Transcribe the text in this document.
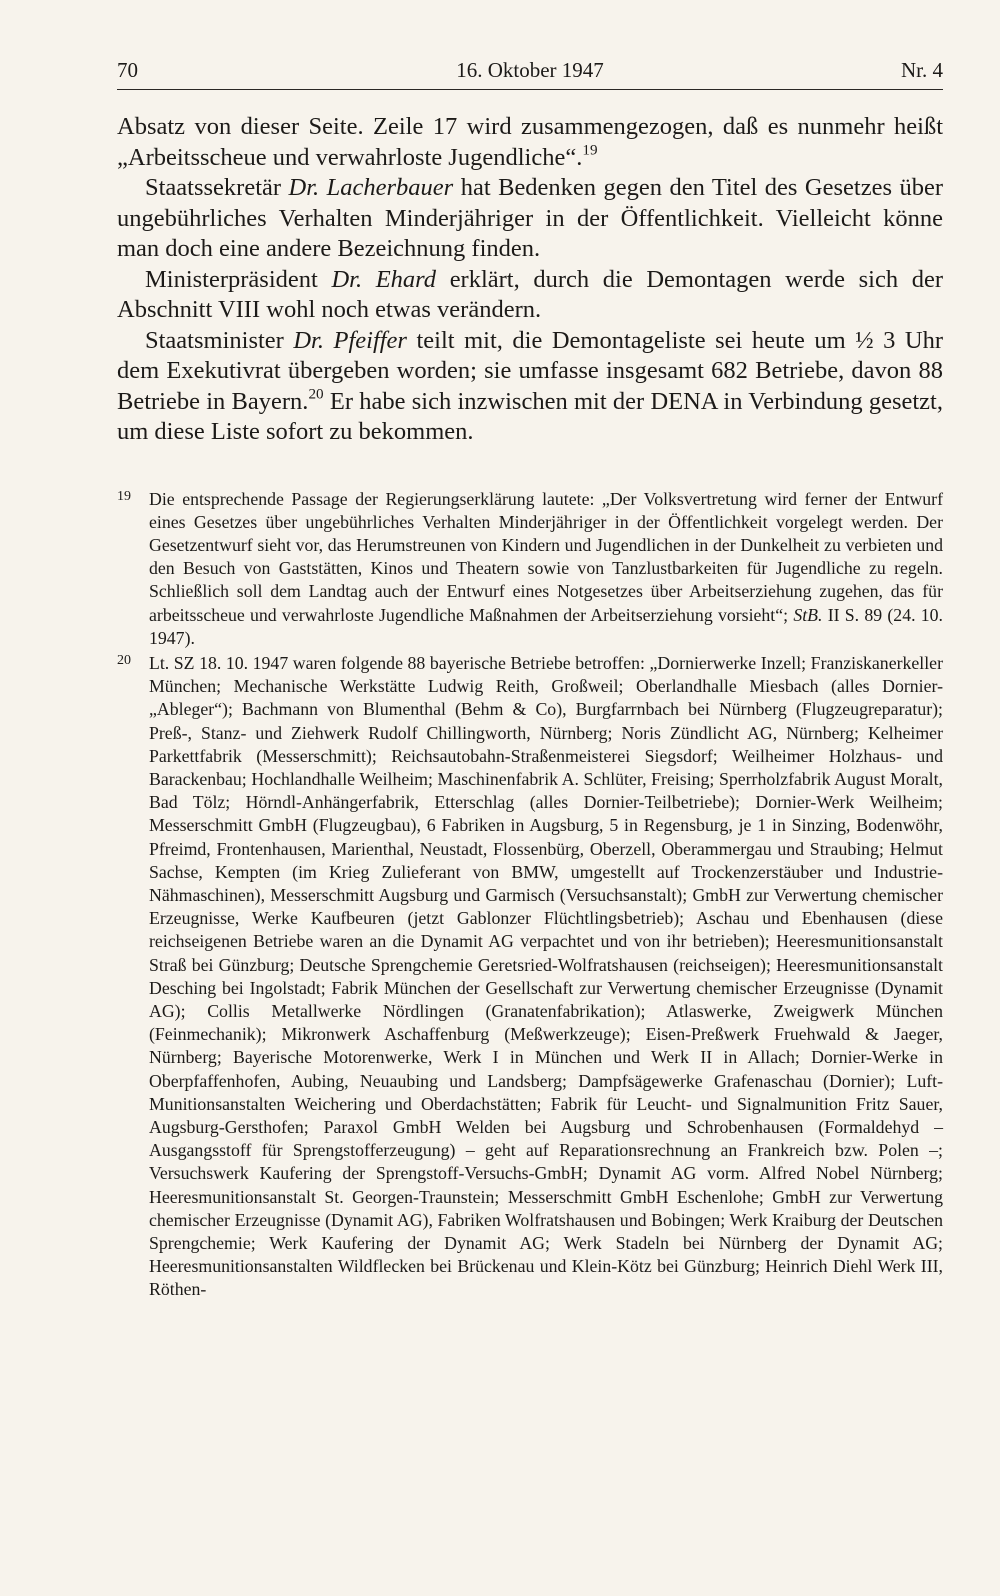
70	16. Oktober 1947	Nr. 4

Absatz von dieser Seite. Zeile 17 wird zusammengezogen, daß es nunmehr heißt „Arbeitsscheue und verwahrloste Jugendliche“.$^{19}$

Staatssekretär Dr. Lacherbauer hat Bedenken gegen den Titel des Gesetzes über ungebührliches Verhalten Minderjähriger in der Öffentlichkeit. Vielleicht könne man doch eine andere Bezeichnung finden.

Ministerpräsident Dr. Ehard erklärt, durch die Demontagen werde sich der Abschnitt VIII wohl noch etwas verändern.

Staatsminister Dr. Pfeiffer teilt mit, die Demontageliste sei heute um ½ 3 Uhr dem Exekutivrat übergeben worden; sie umfasse insgesamt 682 Betriebe, davon 88 Betriebe in Bayern.$^{20}$ Er habe sich inzwischen mit der DENA in Verbindung gesetzt, um diese Liste sofort zu bekommen.

19 Die entsprechende Passage der Regierungserklärung lautete: „Der Volksvertretung wird ferner der Entwurf eines Gesetzes über ungebührliches Verhalten Minderjähriger in der Öffentlichkeit vorgelegt werden. Der Gesetzentwurf sieht vor, das Herumstreunen von Kindern und Jugendlichen in der Dunkelheit zu verbieten und den Besuch von Gaststätten, Kinos und Theatern sowie von Tanzlustbarkeiten für Jugendliche zu regeln. Schließlich soll dem Landtag auch der Entwurf eines Notgesetzes über Arbeitserziehung zugehen, das für arbeitsscheue und verwahrloste Jugendliche Maßnahmen der Arbeitserziehung vorsieht“; StB. II S. 89 (24. 10. 1947).
20 Lt. SZ 18. 10. 1947 waren folgende 88 bayerische Betriebe betroffen: „Dornierwerke Inzell; Franziskanerkeller München; Mechanische Werkstätte Ludwig Reith, Großweil; Oberlandhalle Miesbach (alles Dornier-„Ableger“); Bachmann von Blumenthal (Behm & Co), Burgfarrnbach bei Nürnberg (Flugzeugreparatur); Preß-, Stanz- und Ziehwerk Rudolf Chillingworth, Nürnberg; Noris Zündlicht AG, Nürnberg; Kelheimer Parkettfabrik (Messerschmitt); Reichsautobahn-Straßenmeisterei Siegsdorf; Weilheimer Holzhaus- und Barackenbau; Hochlandhalle Weilheim; Maschinenfabrik A. Schlüter, Freising; Sperrholzfabrik August Moralt, Bad Tölz; Hörndl-Anhängerfabrik, Etterschlag (alles Dornier-Teilbetriebe); Dornier-Werk Weilheim; Messerschmitt GmbH (Flugzeugbau), 6 Fabriken in Augsburg, 5 in Regensburg, je 1 in Sinzing, Bodenwöhr, Pfreimd, Frontenhausen, Marienthal, Neustadt, Flossenbürg, Oberzell, Oberammergau und Straubing; Helmut Sachse, Kempten (im Krieg Zulieferant von BMW, umgestellt auf Trockenzerstäuber und Industrie-Nähmaschinen), Messerschmitt Augsburg und Garmisch (Versuchsanstalt); GmbH zur Verwertung chemischer Erzeugnisse, Werke Kaufbeuren (jetzt Gablonzer Flüchtlingsbetrieb); Aschau und Ebenhausen (diese reichseigenen Betriebe waren an die Dynamit AG verpachtet und von ihr betrieben); Heeresmunitionsanstalt Straß bei Günzburg; Deutsche Sprengchemie Geretsried-Wolfratshausen (reichseigen); Heeresmunitionsanstalt Desching bei Ingolstadt; Fabrik München der Gesellschaft zur Verwertung chemischer Erzeugnisse (Dynamit AG); Collis Metallwerke Nördlingen (Granatenfabrikation); Atlaswerke, Zweigwerk München (Feinmechanik); Mikronwerk Aschaffenburg (Meßwerkzeuge); Eisen-Preßwerk Fruehwald & Jaeger, Nürnberg; Bayerische Motorenwerke, Werk I in München und Werk II in Allach; Dornier-Werke in Oberpfaffenhofen, Aubing, Neuaubing und Landsberg; Dampfsägewerke Grafenaschau (Dornier); Luft-Munitionsanstalten Weichering und Oberdachstätten; Fabrik für Leucht- und Signalmunition Fritz Sauer, Augsburg-Gersthofen; Paraxol GmbH Welden bei Augsburg und Schrobenhausen (Formaldehyd – Ausgangsstoff für Sprengstofferzeugung) – geht auf Reparationsrechnung an Frankreich bzw. Polen –; Versuchswerk Kaufering der Sprengstoff-Versuchs-GmbH; Dynamit AG vorm. Alfred Nobel Nürnberg; Heeresmunitionsanstalt St. Georgen-Traunstein; Messerschmitt GmbH Eschenlohe; GmbH zur Verwertung chemischer Erzeugnisse (Dynamit AG), Fabriken Wolfratshausen und Bobingen; Werk Kraiburg der Deutschen Sprengchemie; Werk Kaufering der Dynamit AG; Werk Stadeln bei Nürnberg der Dynamit AG; Heeresmunitionsanstalten Wildflecken bei Brückenau und Klein-Kötz bei Günzburg; Heinrich Diehl Werk III, Röthen-
